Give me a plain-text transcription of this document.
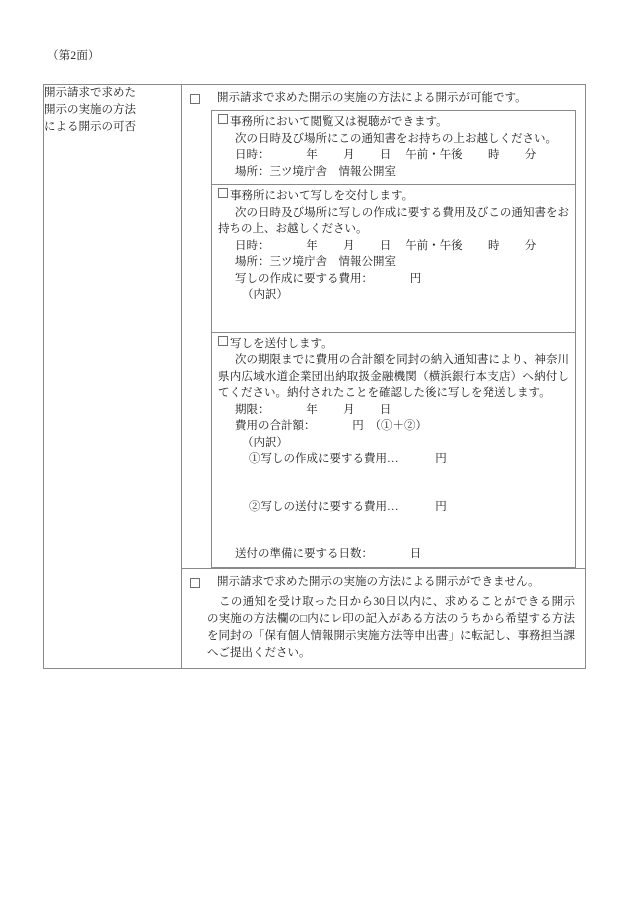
（第2面）
開示請求で求めた
開示の実施の方法
による開示の可否

開示請求で求めた開示の実施の方法による開示が可能です。
事務所において閲覧又は視聴ができます。
次の日時及び場所にこの通知書をお持ちの上お越しください。
日時：	年 月 日 午前・午後 時 分
場所：三ツ境庁舎　情報公開室
事務所において写しを交付します。
次の日時及び場所に写しの作成に要する費用及びこの通知書をお持ちの上、お越しください。
日時：	年 月 日 午前・午後 時 分
場所：三ツ境庁舎　情報公開室
写しの作成に要する費用：	円
（内訳）
写しを送付します。
次の期限までに費用の合計額を同封の納入通知書により、神奈川県内広域水道企業団出納取扱金融機関（横浜銀行本支店）へ納付してください。納付されたことを確認した後に写しを発送します。
期限：	年 月 日
費用の合計額：	円　（①＋②）
（内訳）
①写しの作成に要する費用…	円
②写しの送付に要する費用…	円
送付の準備に要する日数：	日

開示請求で求めた開示の実施の方法による開示ができません。
この通知を受け取った日から30日以内に、求めることができる開示の実施の方法欄の□内にレ印の記入がある方法のうちから希望する方法を同封の「保有個人情報開示実施方法等申出書」に転記し、事務担当課へご提出ください。
